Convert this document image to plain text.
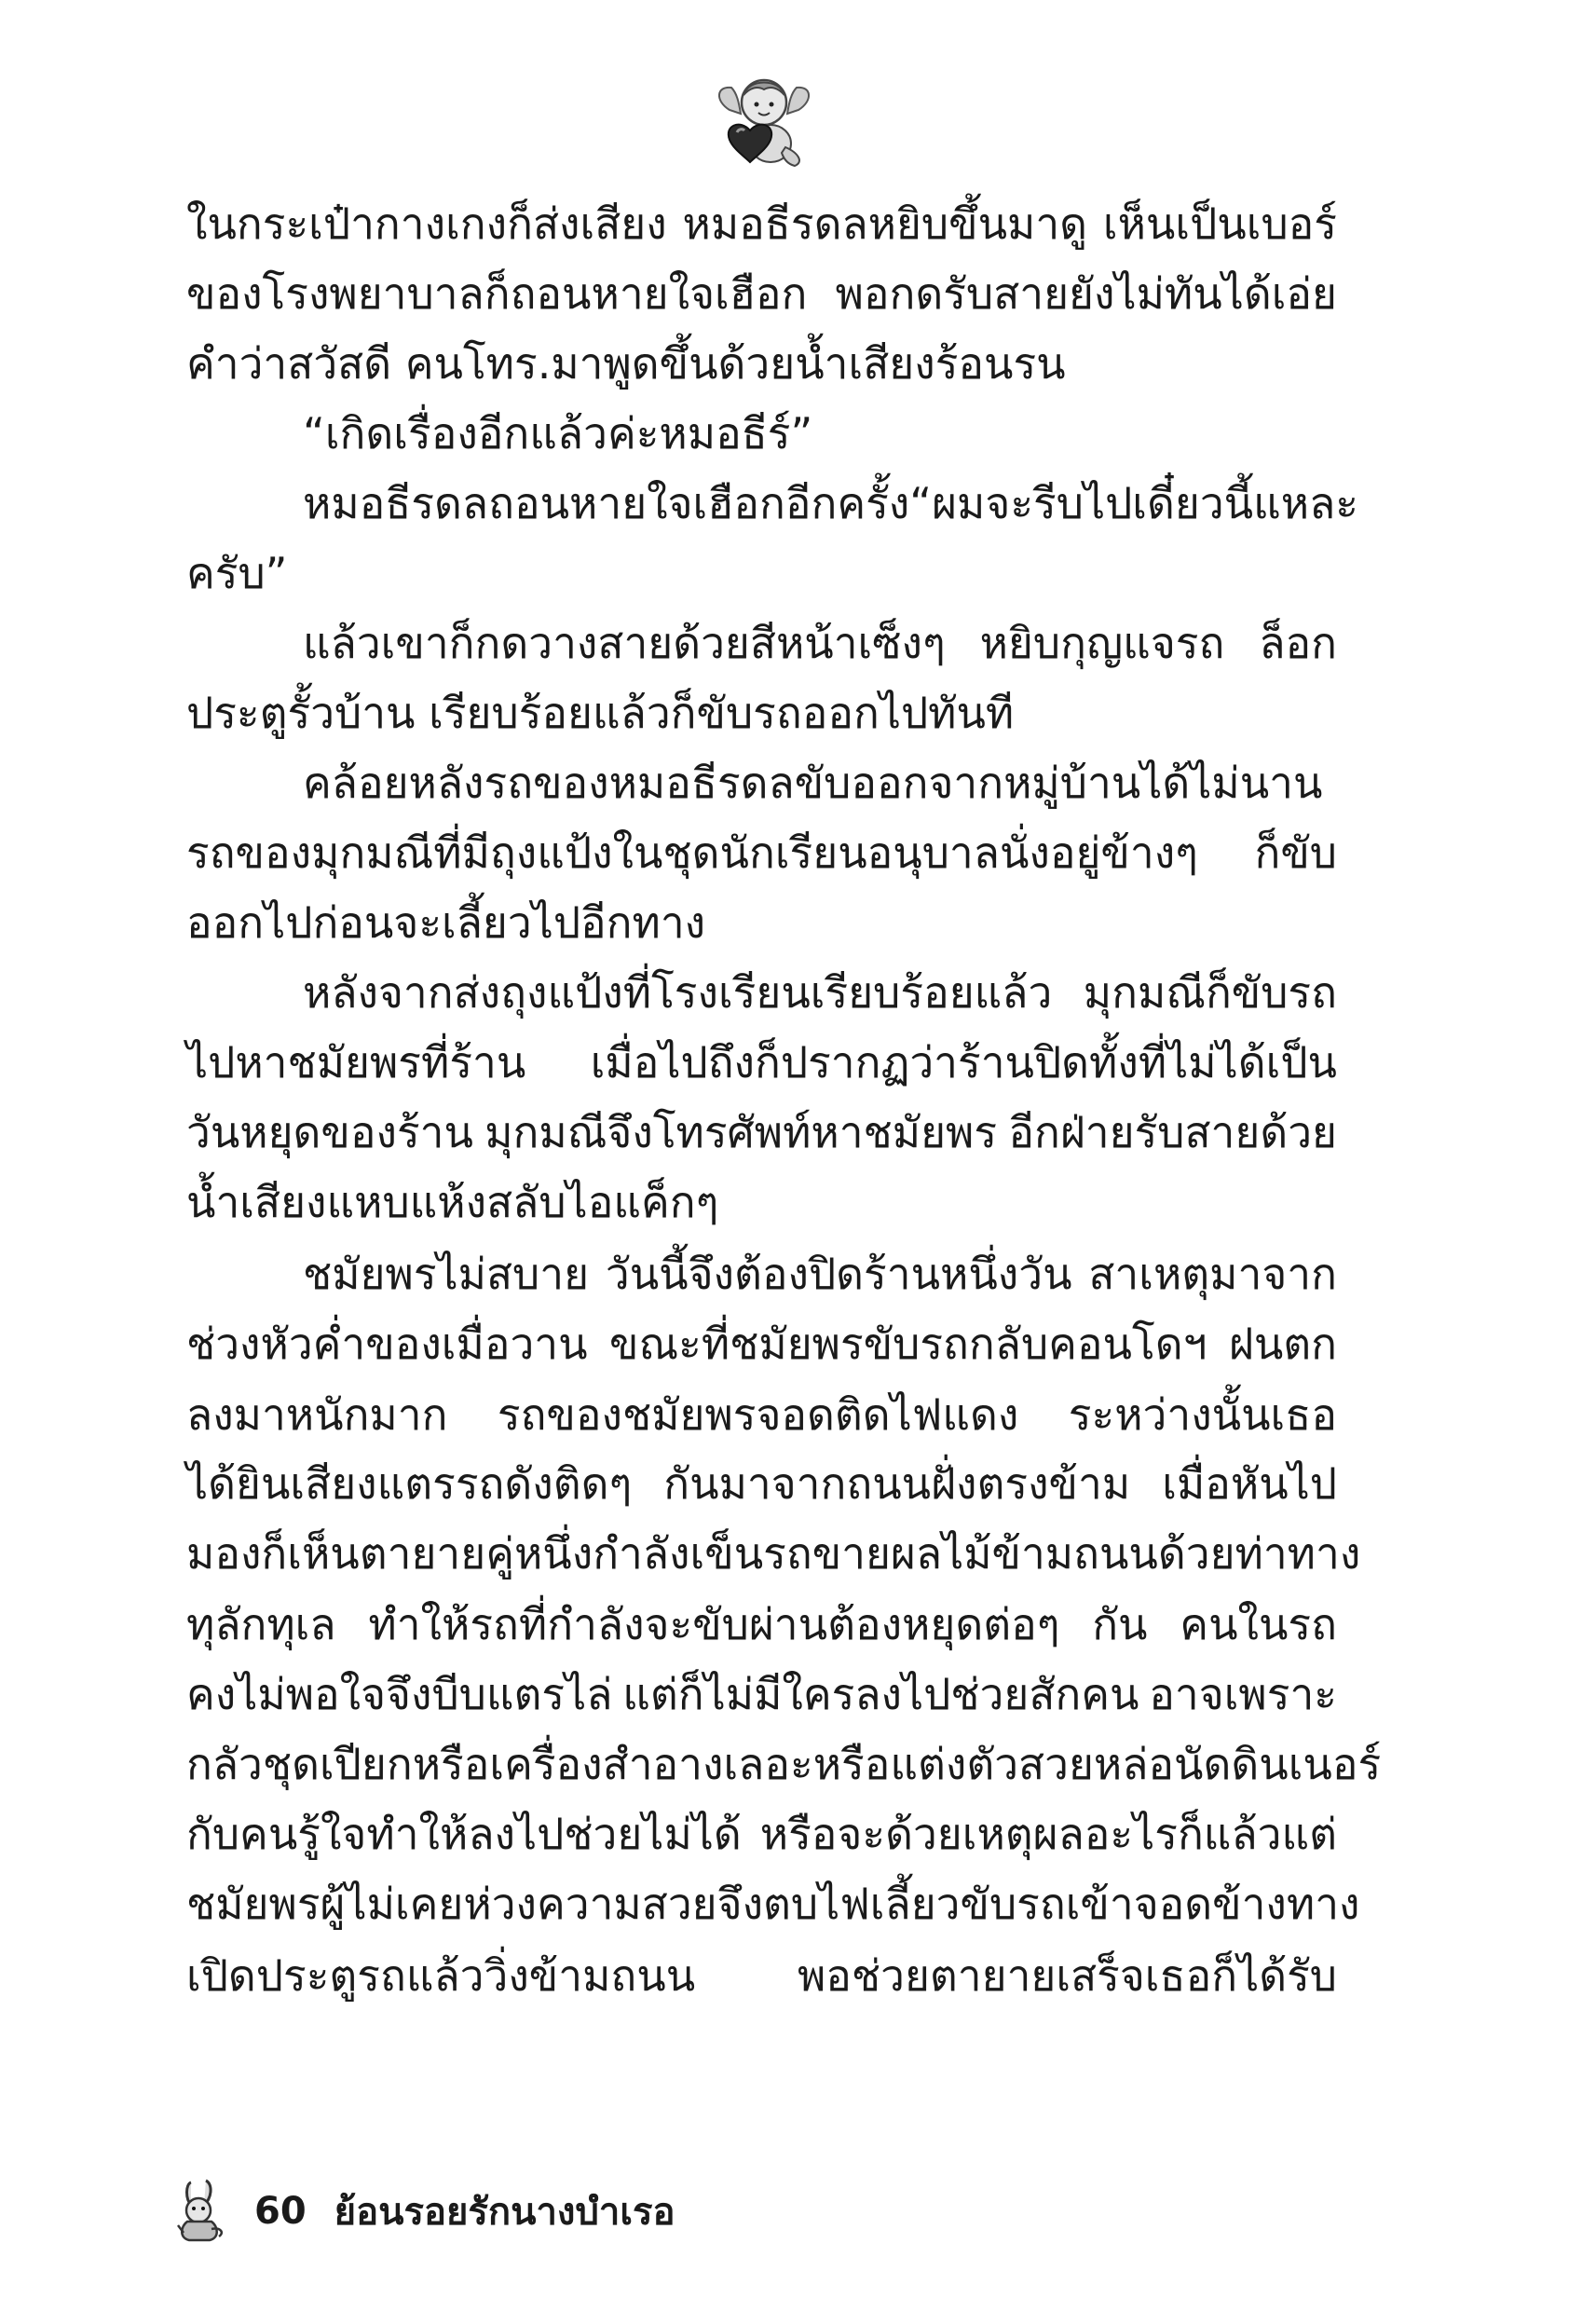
ในกระเป๋ากางเกงก็ส่งเสียง หมอธีรดลหยิบขึ้นมาดู เห็นเป็นเบอร์
ของโรงพยาบาลก็ถอนหายใจเฮือก พอกดรับสายยังไม่ทันได้เอ่ย
คำว่าสวัสดี คนโทร.มาพูดขึ้นด้วยน้ำเสียงร้อนรน
“เกิดเรื่องอีกแล้วค่ะหมอธีร์”
หมอธีรดลถอนหายใจเฮือกอีกครั้ง “ผมจะรีบไปเดี๋ยวนี้แหละ
ครับ”
แล้วเขาก็กดวางสายด้วยสีหน้าเซ็งๆ หยิบกุญแจรถ ล็อก
ประตูรั้วบ้าน เรียบร้อยแล้วก็ขับรถออกไปทันที
คล้อยหลังรถของหมอธีรดลขับออกจากหมู่บ้านได้ไม่นาน
รถของมุกมณีที่มีถุงแป้งในชุดนักเรียนอนุบาลนั่งอยู่ข้างๆ ก็ขับ
ออกไปก่อนจะเลี้ยวไปอีกทาง
หลังจากส่งถุงแป้งที่โรงเรียนเรียบร้อยแล้ว มุกมณีก็ขับรถ
ไปหาชมัยพรที่ร้าน เมื่อไปถึงก็ปรากฏว่าร้านปิดทั้งที่ไม่ได้เป็น
วันหยุดของร้าน มุกมณีจึงโทรศัพท์หาชมัยพร อีกฝ่ายรับสายด้วย
น้ำเสียงแหบแห้งสลับไอแค็กๆ
ชมัยพรไม่สบาย วันนี้จึงต้องปิดร้านหนึ่งวัน สาเหตุมาจาก
ช่วงหัวค่ำของเมื่อวาน ขณะที่ชมัยพรขับรถกลับคอนโดฯ ฝนตก
ลงมาหนักมาก รถของชมัยพรจอดติดไฟแดง ระหว่างนั้นเธอ
ได้ยินเสียงแตรรถดังติดๆ กันมาจากถนนฝั่งตรงข้าม เมื่อหันไป
มองก็เห็นตายายคู่หนึ่งกำลังเข็นรถขายผลไม้ข้ามถนนด้วยท่าทาง
ทุลักทุเล ทำให้รถที่กำลังจะขับผ่านต้องหยุดต่อๆ กัน คนในรถ
คงไม่พอใจจึงบีบแตรไล่ แต่ก็ไม่มีใครลงไปช่วยสักคน อาจเพราะ
กลัวชุดเปียกหรือเครื่องสำอางเลอะ หรือแต่งตัวสวยหล่อนัดดินเนอร์
กับคนรู้ใจทำให้ลงไปช่วยไม่ได้ หรือจะด้วยเหตุผลอะไรก็แล้วแต่
ชมัยพรผู้ไม่เคยห่วงความสวยจึงตบไฟเลี้ยวขับรถเข้าจอดข้างทาง
เปิดประตูรถแล้ววิ่งข้ามถนน พอช่วยตายายเสร็จเธอก็ได้รับ
60 ย้อนรอยรักนางบำเรอ
